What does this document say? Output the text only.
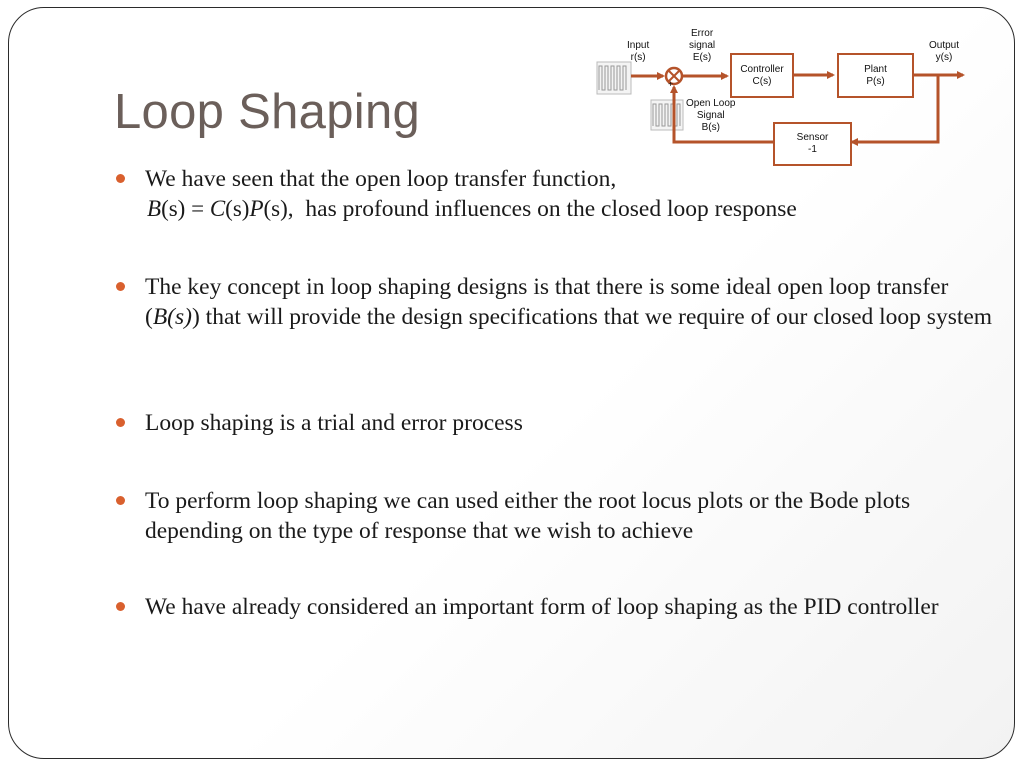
Loop Shaping
Input
r(s)
Error
signal
E(s)
Open Loop
Signal
B(s)
Output
y(s)
+
Controller
C(s)
Plant
P(s)
Sensor
-1
We have seen that the open loop transfer function,
B(s) = C(s)P(s), has profound influences on the closed loop response
The key concept in loop shaping designs is that there is some ideal open loop transfer (B(s)) that will provide the design specifications that we require of our closed loop system
Loop shaping is a trial and error process
To perform loop shaping we can used either the root locus plots or the Bode plots depending on the type of response that we wish to achieve
We have already considered an important form of loop shaping as the PID controller
